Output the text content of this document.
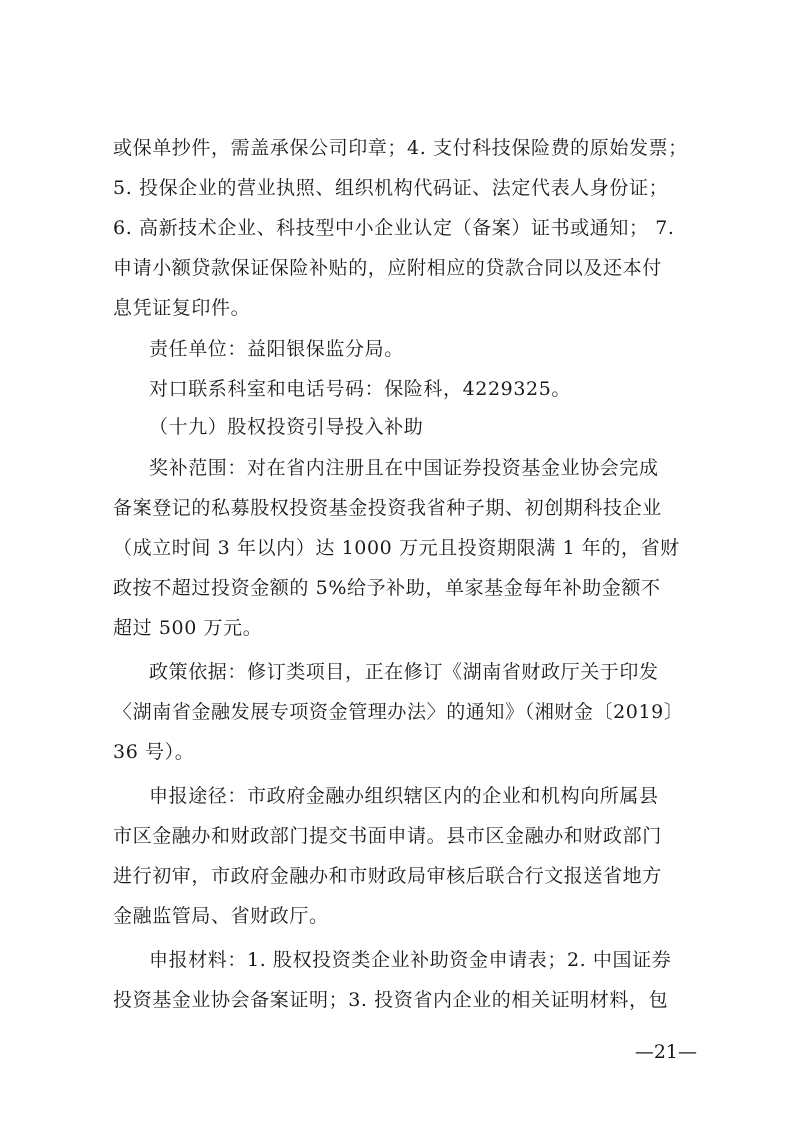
或保单抄件，需盖承保公司印章；4. 支付科技保险费的原始发票；
5. 投保企业的营业执照、组织机构代码证、法定代表人身份证；
6. 高新技术企业、科技型中小企业认定（备案）证书或通知； 7.
申请小额贷款保证保险补贴的，应附相应的贷款合同以及还本付
息凭证复印件。
责任单位：益阳银保监分局。
对口联系科室和电话号码：保险科，4229325。
（十九）股权投资引导投入补助
奖补范围：对在省内注册且在中国证券投资基金业协会完成
备案登记的私募股权投资基金投资我省种子期、初创期科技企业
（成立时间 3 年以内）达 1000 万元且投资期限满 1 年的，省财
政按不超过投资金额的 5%给予补助，单家基金每年补助金额不
超过 500 万元。
政策依据：修订类项目，正在修订《湖南省财政厅关于印发
〈湖南省金融发展专项资金管理办法〉的通知》（湘财金〔2019〕
36 号）。
申报途径：市政府金融办组织辖区内的企业和机构向所属县
市区金融办和财政部门提交书面申请。县市区金融办和财政部门
进行初审，市政府金融办和市财政局审核后联合行文报送省地方
金融监管局、省财政厅。
申报材料：1. 股权投资类企业补助资金申请表；2. 中国证券
投资基金业协会备案证明；3. 投资省内企业的相关证明材料，包
—21—
